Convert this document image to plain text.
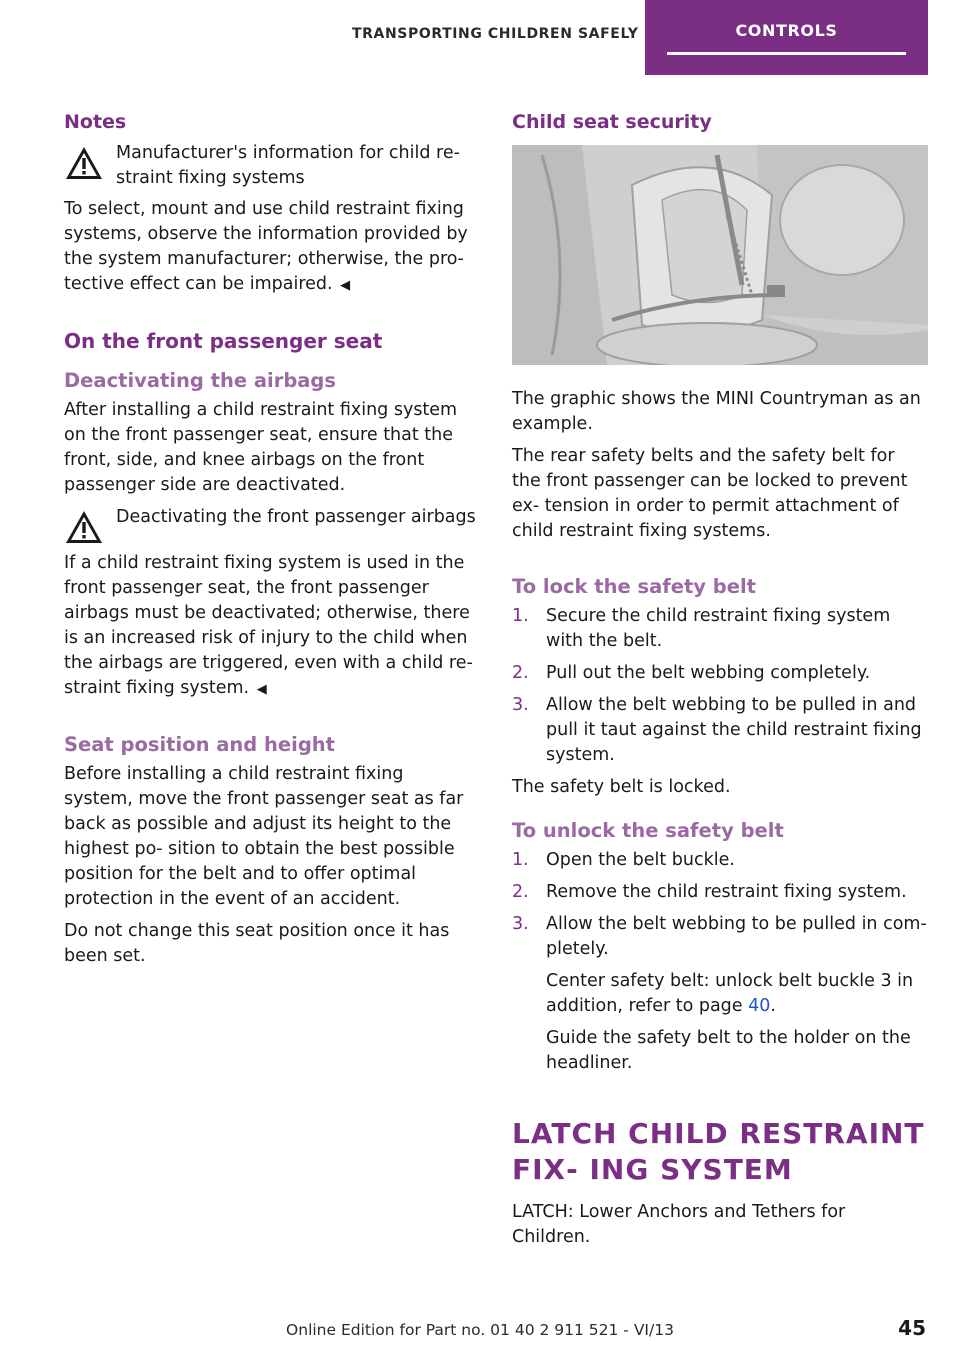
TRANSPORTING CHILDREN SAFELY	CONTROLS
Notes
Manufacturer's information for child re‐ straint fixing systems

To select, mount and use child restraint fixing systems, observe the information provided by the system manufacturer; otherwise, the pro‐ tective effect can be impaired. ◀

On the front passenger seat
Deactivating the airbags

After installing a child restraint fixing system on the front passenger seat, ensure that the front, side, and knee airbags on the front passenger side are deactivated.

Deactivating the front passenger airbags

If a child restraint fixing system is used in the front passenger seat, the front passenger airbags must be deactivated; otherwise, there is an increased risk of injury to the child when the airbags are triggered, even with a child re‐ straint fixing system. ◀

Seat position and height

Before installing a child restraint fixing system, move the front passenger seat as far back as possible and adjust its height to the highest po‐ sition to obtain the best possible position for the belt and to offer optimal protection in the event of an accident.

Do not change this seat position once it has been set.

Child seat security

The graphic shows the MINI Countryman as an example.

The rear safety belts and the safety belt for the front passenger can be locked to prevent ex‐ tension in order to permit attachment of child restraint fixing systems.

To lock the safety belt
1. Secure the child restraint fixing system with the belt.
2. Pull out the belt webbing completely.
3. Allow the belt webbing to be pulled in and pull it taut against the child restraint fixing system.

The safety belt is locked.

To unlock the safety belt
1. Open the belt buckle.
2. Remove the child restraint fixing system.
3. Allow the belt webbing to be pulled in com‐ pletely.
Center safety belt: unlock belt buckle 3 in addition, refer to page 40.
Guide the safety belt to the holder on the headliner.
LATCH CHILD RESTRAINT FIX‐ ING SYSTEM

LATCH: Lower Anchors and Tethers for Children.

Online Edition for Part no. 01 40 2 911 521 - VI/13	45
